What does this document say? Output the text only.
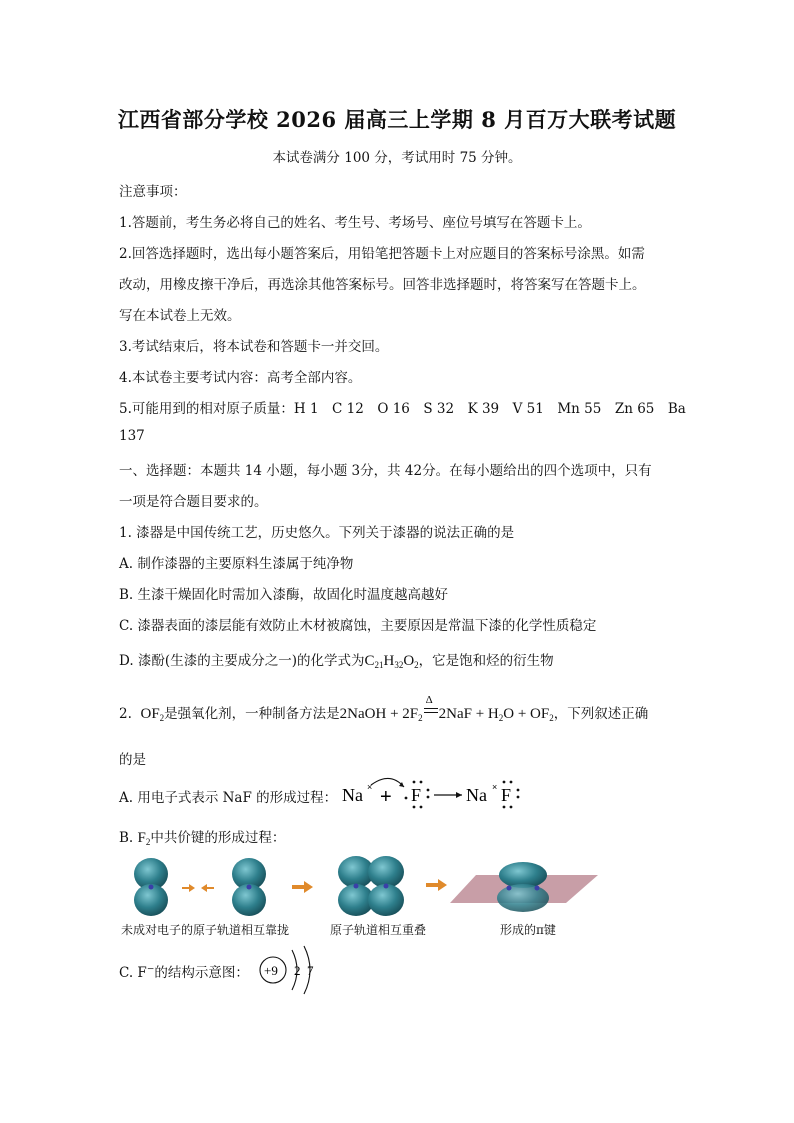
江西省部分学校 2026 届高三上学期 8 月百万大联考试题
本试卷满分 100 分，考试用时 75 分钟。
注意事项：
1.答题前，考生务必将自己的姓名、考生号、考场号、座位号填写在答题卡上。
2.回答选择题时，选出每小题答案后，用铅笔把答题卡上对应题目的答案标号涂黑。如需
改动，用橡皮擦干净后，再选涂其他答案标号。回答非选择题时，将答案写在答题卡上。
写在本试卷上无效。
3.考试结束后，将本试卷和答题卡一并交回。
4.本试卷主要考试内容：高考全部内容。
5.可能用到的相对原子质量：H 1　C 12　O 16　S 32　K 39　V 51　Mn 55　Zn 65　Ba
137
一、选择题：本题共 14 小题，每小题 3分，共 42分。在每小题给出的四个选项中，只有
一项是符合题目要求的。
1. 漆器是中国传统工艺，历史悠久。下列关于漆器的说法正确的是
A. 制作漆器的主要原料生漆属于纯净物
B. 生漆干燥固化时需加入漆酶，故固化时温度越高越好
C. 漆器表面的漆层能有效防止木材被腐蚀，主要原因是常温下漆的化学性质稳定
D. 漆酚(生漆的主要成分之一)的化学式为$C_{21}H_{32}O_2$，它是饱和烃的衍生物
2. $OF_2$是强氧化剂，一种制备方法是2NaOH + $2F_2$
Δ
$2NaF + H_2O + OF_2$，下列叙述正确
的是
A. 用电子式表示 NaF 的形成过程： Na × + F Na × F
B. $F_2$中共价键的形成过程：
未成对电子的原子轨道相互靠拢	原子轨道相互重叠	形成的π键
C. F−的结构示意图： +9 2 7
